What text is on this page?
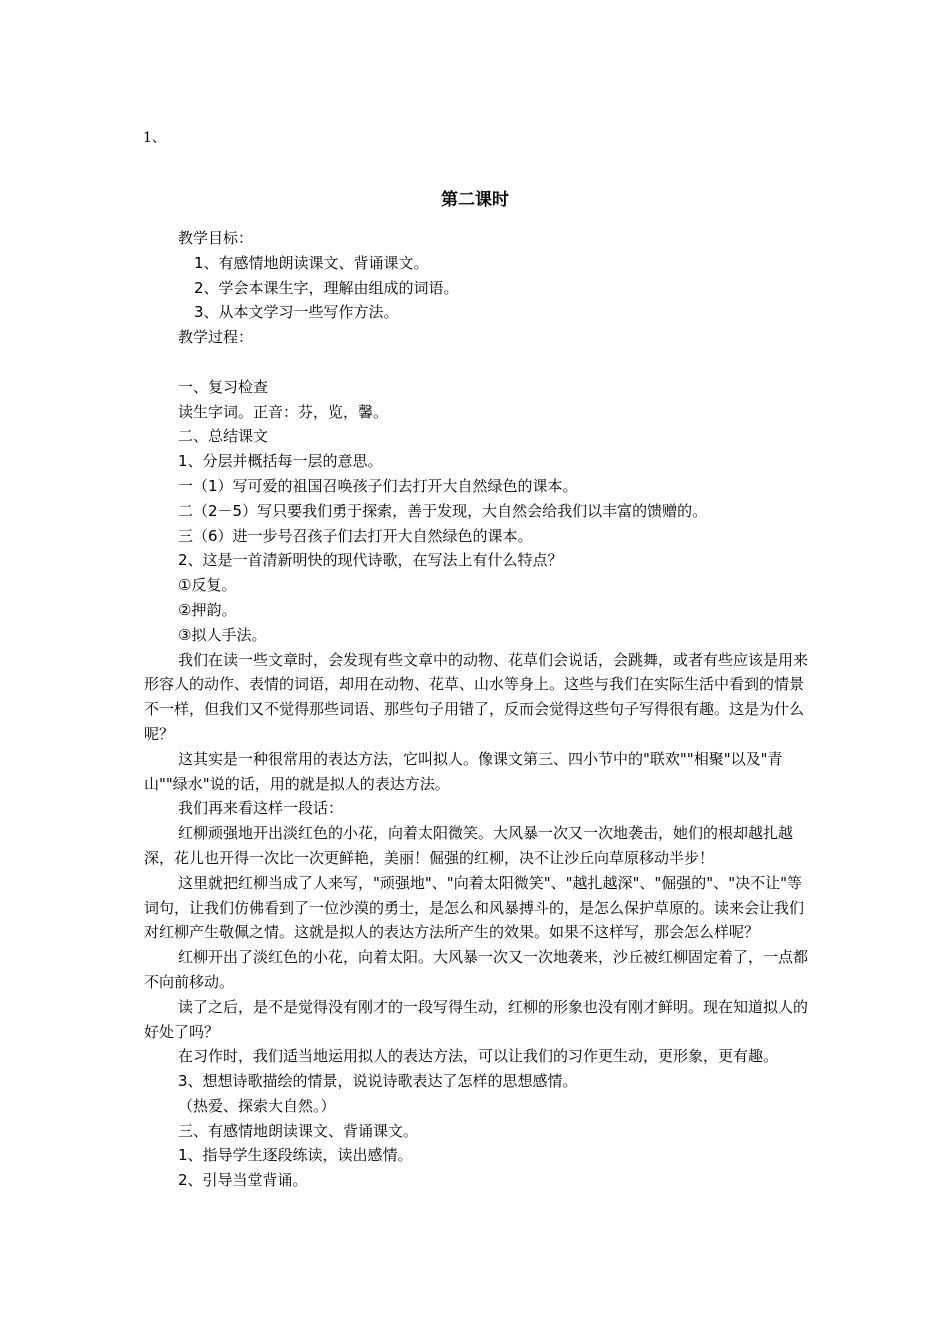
1、
第二课时

教学目标：

1、有感情地朗读课文、背诵课文。

2、学会本课生字，理解由组成的词语。

3、从本文学习一些写作方法。

教学过程：

一、复习检查

读生字词。正音：芬，览，馨。

二、总结课文

1、分层并概括每一层的意思。

一（1）写可爱的祖国召唤孩子们去打开大自然绿色的课本。

二（2－5）写只要我们勇于探索，善于发现，大自然会给我们以丰富的馈赠的。

三（6）进一步号召孩子们去打开大自然绿色的课本。

2、这是一首清新明快的现代诗歌，在写法上有什么特点？

①反复。

②押韵。

③拟人手法。

我们在读一些文章时，会发现有些文章中的动物、花草们会说话，会跳舞，或者有些应该是用来形容人的动作、表情的词语，却用在动物、花草、山水等身上。这些与我们在实际生活中看到的情景不一样，但我们又不觉得那些词语、那些句子用错了，反而会觉得这些句子写得很有趣。这是为什么呢？

这其实是一种很常用的表达方法，它叫拟人。像课文第三、四小节中的"联欢""相聚"以及"青山""绿水"说的话，用的就是拟人的表达方法。

我们再来看这样一段话：

红柳顽强地开出淡红色的小花，向着太阳微笑。大风暴一次又一次地袭击，她们的根却越扎越深，花儿也开得一次比一次更鲜艳，美丽！倔强的红柳，决不让沙丘向草原移动半步！

这里就把红柳当成了人来写，"顽强地"、"向着太阳微笑"、"越扎越深"、"倔强的"、"决不让"等词句，让我们仿佛看到了一位沙漠的勇士，是怎么和风暴搏斗的，是怎么保护草原的。读来会让我们对红柳产生敬佩之情。这就是拟人的表达方法所产生的效果。如果不这样写，那会怎么样呢？

红柳开出了淡红色的小花，向着太阳。大风暴一次又一次地袭来，沙丘被红柳固定着了，一点都不向前移动。

读了之后，是不是觉得没有刚才的一段写得生动，红柳的形象也没有刚才鲜明。现在知道拟人的好处了吗？

在习作时，我们适当地运用拟人的表达方法，可以让我们的习作更生动，更形象，更有趣。

3、想想诗歌描绘的情景，说说诗歌表达了怎样的思想感情。

（热爱、探索大自然。）

三、有感情地朗读课文、背诵课文。

1、指导学生逐段练读，读出感情。

2、引导当堂背诵。
